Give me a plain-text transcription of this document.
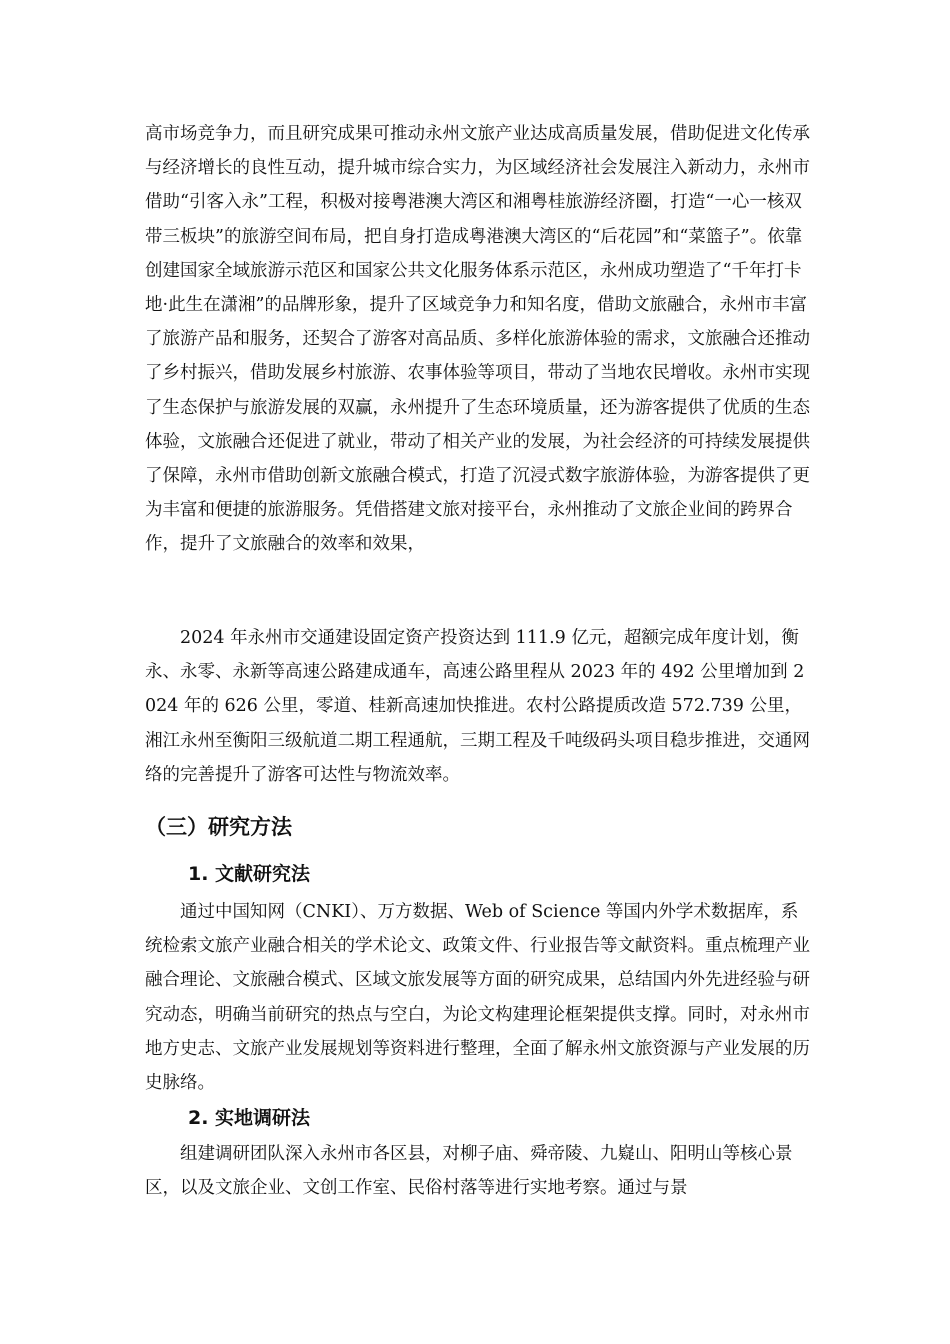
高市场竞争力，而且研究成果可推动永州文旅产业达成高质量发展，借助促进文化传承与经济增长的良性互动，提升城市综合实力，为区域经济社会发展注入新动力，永州市借助“引客入永”工程，积极对接粤港澳大湾区和湘粤桂旅游经济圈，打造“一心一核双带三板块”的旅游空间布局，把自身打造成粤港澳大湾区的“后花园”和“菜篮子”。依靠创建国家全域旅游示范区和国家公共文化服务体系示范区，永州成功塑造了“千年打卡地·此生在潇湘”的品牌形象，提升了区域竞争力和知名度，借助文旅融合，永州市丰富了旅游产品和服务，还契合了游客对高品质、多样化旅游体验的需求，文旅融合还推动了乡村振兴，借助发展乡村旅游、农事体验等项目，带动了当地农民增收。永州市实现了生态保护与旅游发展的双赢，永州提升了生态环境质量，还为游客提供了优质的生态体验，文旅融合还促进了就业，带动了相关产业的发展，为社会经济的可持续发展提供了保障，永州市借助创新文旅融合模式，打造了沉浸式数字旅游体验，为游客提供了更为丰富和便捷的旅游服务。凭借搭建文旅对接平台，永州推动了文旅企业间的跨界合作，提升了文旅融合的效率和效果，

2024 年永州市交通建设固定资产投资达到 111.9 亿元，超额完成年度计划，衡永、永零、永新等高速公路建成通车，高速公路里程从 2023 年的 492 公里增加到 2024 年的 626 公里，零道、桂新高速加快推进。农村公路提质改造 572.739 公里，湘江永州至衡阳三级航道二期工程通航，三期工程及千吨级码头项目稳步推进，交通网络的完善提升了游客可达性与物流效率。

（三）研究方法
1. 文献研究法

通过中国知网（CNKI）、万方数据、Web of Science 等国内外学术数据库，系统检索文旅产业融合相关的学术论文、政策文件、行业报告等文献资料。重点梳理产业融合理论、文旅融合模式、区域文旅发展等方面的研究成果，总结国内外先进经验与研究动态，明确当前研究的热点与空白，为论文构建理论框架提供支撑。同时，对永州市地方史志、文旅产业发展规划等资料进行整理，全面了解永州文旅资源与产业发展的历史脉络。

2. 实地调研法

组建调研团队深入永州市各区县，对柳子庙、舜帝陵、九嶷山、阳明山等核心景区，以及文旅企业、文创工作室、民俗村落等进行实地考察。通过与景
